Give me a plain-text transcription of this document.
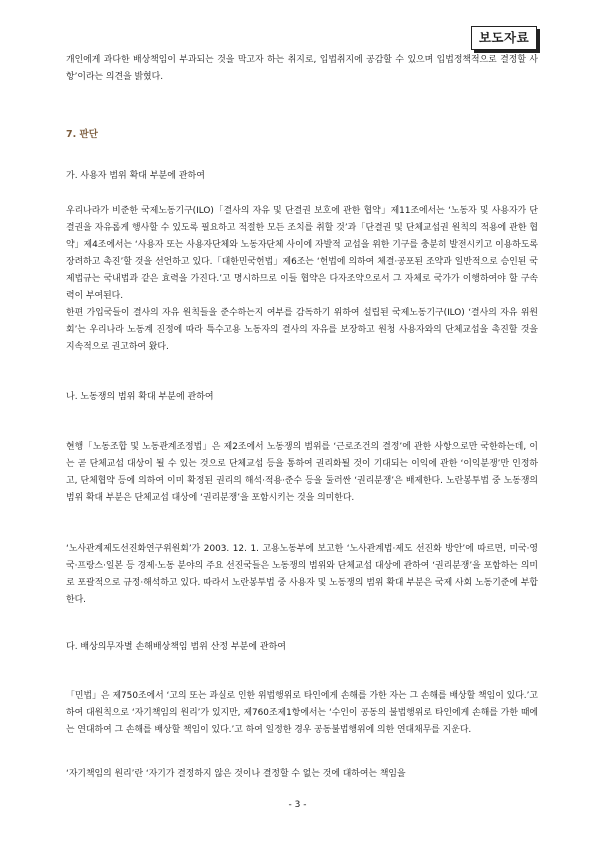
보도자료

개인에게 과다한 배상책임이 부과되는 것을 막고자 하는 취지로, 입법취지에 공감할 수 있으며 입법정책적으로 결정할 사항’이라는 의견을 밝혔다.

7. 판단

가. 사용자 범위 확대 부분에 관하여

우리나라가 비준한 국제노동기구(ILO)「결사의 자유 및 단결권 보호에 관한 협약」제11조에서는 ‘노동자 및 사용자가 단결권을 자유롭게 행사할 수 있도록 필요하고 적절한 모든 조치를 취할 것’과「단결권 및 단체교섭권 원칙의 적용에 관한 협약」제4조에서는 ‘사용자 또는 사용자단체와 노동자단체 사이에 자발적 교섭을 위한 기구를 충분히 발전시키고 이용하도록 장려하고 촉진’할 것을 선언하고 있다.「대한민국헌법」제6조는 ‘헌법에 의하여 체결·공포된 조약과 일반적으로 승인된 국제법규는 국내법과 같은 효력을 가진다.’고 명시하므로 이들 협약은 다자조약으로서 그 자체로 국가가 이행하여야 할 구속력이 부여된다.

한편 가입국들이 결사의 자유 원칙들을 준수하는지 여부를 감독하기 위하여 설립된 국제노동기구(ILO) ‘결사의 자유 위원회’는 우리나라 노동계 진정에 따라 특수고용 노동자의 결사의 자유를 보장하고 원청 사용자와의 단체교섭을 촉진할 것을 지속적으로 권고하여 왔다.

나. 노동쟁의 범위 확대 부분에 관하여

현행「노동조합 및 노동관계조정법」은 제2조에서 노동쟁의 범위를 ‘근로조건의 결정’에 관한 사항으로만 국한하는데, 이는 곧 단체교섭 대상이 될 수 있는 것으로 단체교섭 등을 통하여 권리화될 것이 기대되는 이익에 관한 ‘이익분쟁’만 인정하고, 단체협약 등에 의하여 이미 확정된 권리의 해석·적용·준수 등을 둘러싼 ‘권리분쟁’은 배제한다. 노란봉투법 중 노동쟁의 범위 확대 부분은 단체교섭 대상에 ‘권리분쟁’을 포함시키는 것을 의미한다.

‘노사관계제도선진화연구위원회’가 2003. 12. 1. 고용노동부에 보고한 ‘노사관계법·제도 선진화 방안’에 따르면, 미국·영국·프랑스·일본 등 경제·노동 분야의 주요 선진국들은 노동쟁의 범위와 단체교섭 대상에 관하여 ‘권리분쟁’을 포함하는 의미로 포괄적으로 규정·해석하고 있다. 따라서 노란봉투법 중 사용자 및 노동쟁의 범위 확대 부분은 국제 사회 노동기준에 부합한다.

다. 배상의무자별 손해배상책임 범위 산정 부분에 관하여

「민법」은 제750조에서 ‘고의 또는 과실로 인한 위법행위로 타인에게 손해를 가한 자는 그 손해를 배상할 책임이 있다.’고 하여 대원칙으로 ‘자기책임의 원리’가 있지만, 제760조제1항에서는 ‘수인이 공동의 불법행위로 타인에게 손해를 가한 때에는 연대하여 그 손해를 배상할 책임이 있다.’고 하여 일정한 경우 공동불법행위에 의한 연대채무를 지운다.

‘자기책임의 원리’란 ‘자기가 결정하지 않은 것이나 결정할 수 없는 것에 대하여는 책임을

- 3 -
